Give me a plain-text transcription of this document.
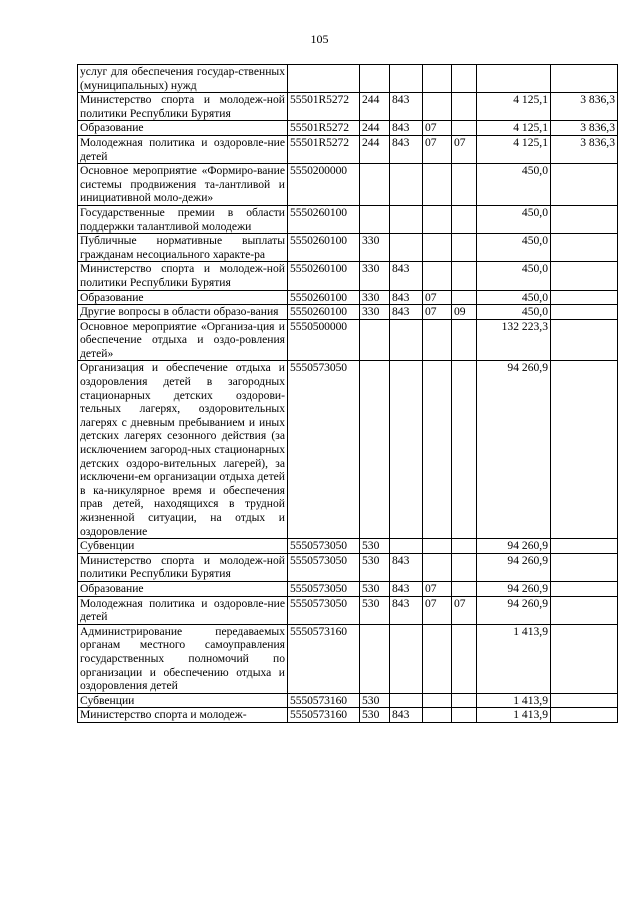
105
услуг для обеспечения государ-ственных (муниципальных) нужд							
Министерство спорта и молодеж-ной политики Республики Бурятия	55501R5272	244	843			4 125,1	3 836,3
Образование	55501R5272	244	843	07		4 125,1	3 836,3
Молодежная политика и оздоровле-ние детей	55501R5272	244	843	07	07	4 125,1	3 836,3
Основное мероприятие «Формиро-вание системы продвижения та-лантливой и инициативной моло-дежи»	5550200000					450,0	
Государственные премии в области поддержки талантливой молодежи	5550260100					450,0	
Публичные нормативные выплаты гражданам несоциального характе-ра	5550260100	330				450,0	
Министерство спорта и молодеж-ной политики Республики Бурятия	5550260100	330	843			450,0	
Образование	5550260100	330	843	07		450,0	
Другие вопросы в области образо-вания	5550260100	330	843	07	09	450,0	
Основное мероприятие «Организа-ция и обеспечение отдыха и оздо-ровления детей»	5550500000					132 223,3	
Организация и обеспечение отдыха и оздоровления детей в загородных стационарных детских оздорови-тельных лагерях, оздоровительных лагерях с дневным пребыванием и иных детских лагерях сезонного действия (за исключением загород-ных стационарных детских оздоро-вительных лагерей), за исключени-ем организации отдыха детей в ка-никулярное время и обеспечения прав детей, находящихся в трудной жизненной ситуации, на отдых и оздоровление	5550573050					94 260,9	
Субвенции	5550573050	530				94 260,9	
Министерство спорта и молодеж-ной политики Республики Бурятия	5550573050	530	843			94 260,9	
Образование	5550573050	530	843	07		94 260,9	
Молодежная политика и оздоровле-ние детей	5550573050	530	843	07	07	94 260,9	
Администрирование передаваемых органам местного самоуправления государственных полномочий по организации и обеспечению отдыха и оздоровления детей	5550573160					1 413,9	
Субвенции	5550573160	530				1 413,9	
Министерство спорта и молодеж-	5550573160	530	843			1 413,9	
